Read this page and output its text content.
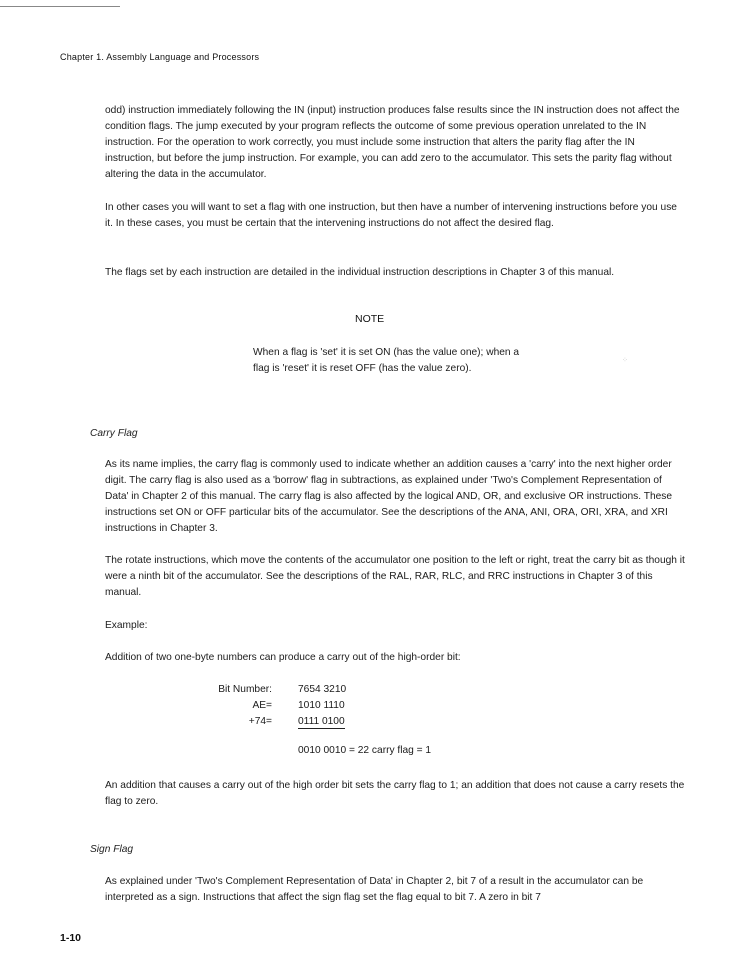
Chapter 1. Assembly Language and Processors

odd) instruction immediately following the IN (input) instruction produces false results since the IN instruction does not affect the condition flags. The jump executed by your program reflects the outcome of some previous operation unrelated to the IN instruction. For the operation to work correctly, you must include some instruction that alters the parity flag after the IN instruction, but before the jump instruction. For example, you can add zero to the accumulator. This sets the parity flag without altering the data in the accumulator.

In other cases you will want to set a flag with one instruction, but then have a number of intervening instructions before you use it. In these cases, you must be certain that the intervening instructions do not affect the desired flag.

The flags set by each instruction are detailed in the individual instruction descriptions in Chapter 3 of this manual.

NOTE
When a flag is 'set' it is set ON (has the value one); when a flag is 'reset' it is reset OFF (has the value zero).
⁘
Carry Flag

As its name implies, the carry flag is commonly used to indicate whether an addition causes a 'carry' into the next higher order digit. The carry flag is also used as a 'borrow' flag in subtractions, as explained under 'Two's Complement Representation of Data' in Chapter 2 of this manual. The carry flag is also affected by the logical AND, OR, and exclusive OR instructions. These instructions set ON or OFF particular bits of the accumulator. See the descriptions of the ANA, ANI, ORA, ORI, XRA, and XRI instructions in Chapter 3.

The rotate instructions, which move the contents of the accumulator one position to the left or right, treat the carry bit as though it were a ninth bit of the accumulator. See the descriptions of the RAL, RAR, RLC, and RRC instructions in Chapter 3 of this manual.

Example:

Addition of two one-byte numbers can produce a carry out of the high-order bit:

Bit Number:
AE=
+74=
7654 3210
1010 1110
0111 0100
0010 0010 = 22 carry flag = 1

An addition that causes a carry out of the high order bit sets the carry flag to 1; an addition that does not cause a carry resets the flag to zero.

Sign Flag

As explained under 'Two's Complement Representation of Data' in Chapter 2, bit 7 of a result in the accumulator can be interpreted as a sign. Instructions that affect the sign flag set the flag equal to bit 7. A zero in bit 7

1-10
